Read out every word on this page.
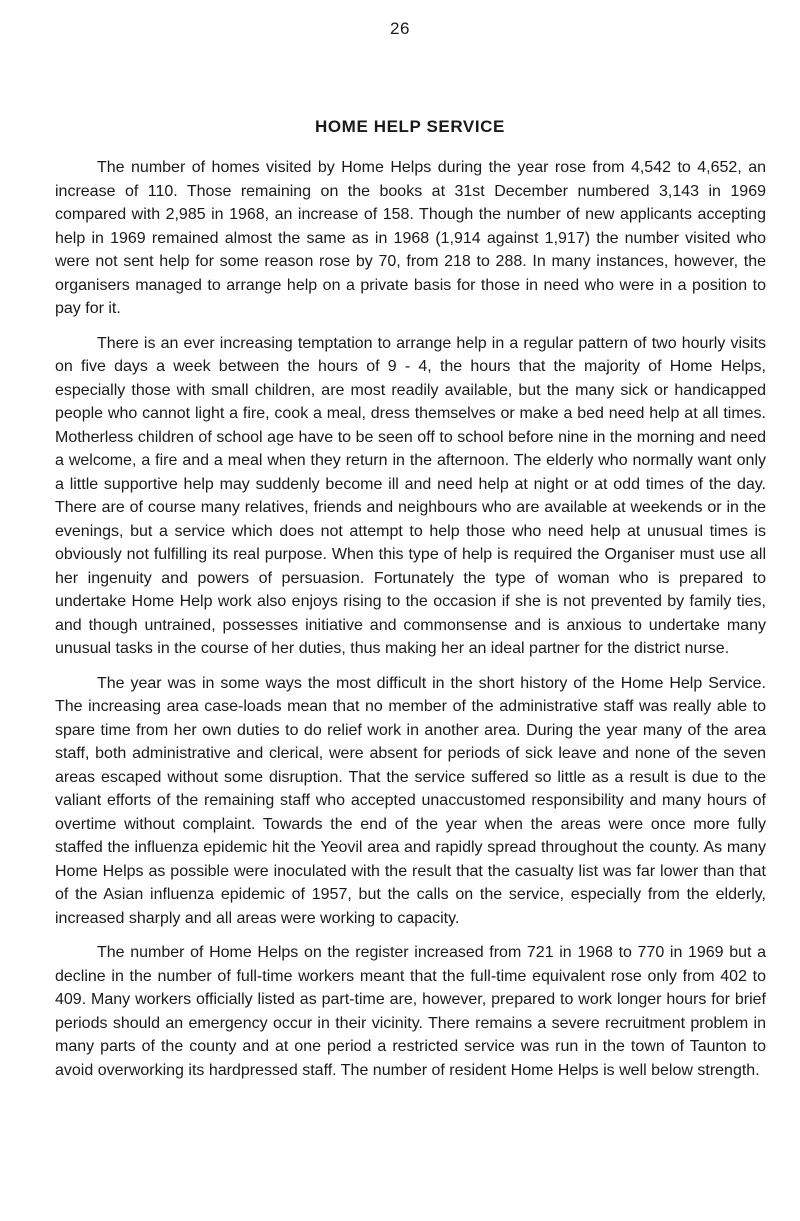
26
HOME HELP SERVICE

The number of homes visited by Home Helps during the year rose from 4,542 to 4,652, an increase of 110. Those remaining on the books at 31st December numbered 3,143 in 1969 compared with 2,985 in 1968, an increase of 158. Though the number of new applicants accepting help in 1969 remained almost the same as in 1968 (1,914 against 1,917) the number visited who were not sent help for some reason rose by 70, from 218 to 288. In many instances, however, the organisers managed to arrange help on a private basis for those in need who were in a position to pay for it.

There is an ever increasing temptation to arrange help in a regular pattern of two hourly visits on five days a week between the hours of 9 - 4, the hours that the majority of Home Helps, especially those with small children, are most readily available, but the many sick or handicapped people who cannot light a fire, cook a meal, dress themselves or make a bed need help at all times. Motherless children of school age have to be seen off to school before nine in the morning and need a welcome, a fire and a meal when they return in the afternoon. The elderly who normally want only a little supportive help may suddenly become ill and need help at night or at odd times of the day. There are of course many relatives, friends and neighbours who are available at weekends or in the evenings, but a service which does not attempt to help those who need help at unusual times is obviously not fulfilling its real purpose. When this type of help is required the Organiser must use all her ingenuity and powers of persuasion. Fortunately the type of woman who is prepared to undertake Home Help work also enjoys rising to the occasion if she is not prevented by family ties, and though untrained, possesses initiative and commonsense and is anxious to undertake many unusual tasks in the course of her duties, thus making her an ideal partner for the district nurse.

The year was in some ways the most difficult in the short history of the Home Help Service. The increasing area case-loads mean that no member of the administrative staff was really able to spare time from her own duties to do relief work in another area. During the year many of the area staff, both administrative and clerical, were absent for periods of sick leave and none of the seven areas escaped without some disruption. That the service suffered so little as a result is due to the valiant efforts of the remaining staff who accepted unaccustomed responsibility and many hours of overtime without complaint. Towards the end of the year when the areas were once more fully staffed the influenza epidemic hit the Yeovil area and rapidly spread throughout the county. As many Home Helps as possible were inoculated with the result that the casualty list was far lower than that of the Asian influenza epidemic of 1957, but the calls on the service, especially from the elderly, increased sharply and all areas were working to capacity.

The number of Home Helps on the register increased from 721 in 1968 to 770 in 1969 but a decline in the number of full-time workers meant that the full-time equivalent rose only from 402 to 409. Many workers officially listed as part-time are, however, prepared to work longer hours for brief periods should an emergency occur in their vicinity. There remains a severe recruitment problem in many parts of the county and at one period a restricted service was run in the town of Taunton to avoid overworking its hardpressed staff. The number of resident Home Helps is well below strength.
